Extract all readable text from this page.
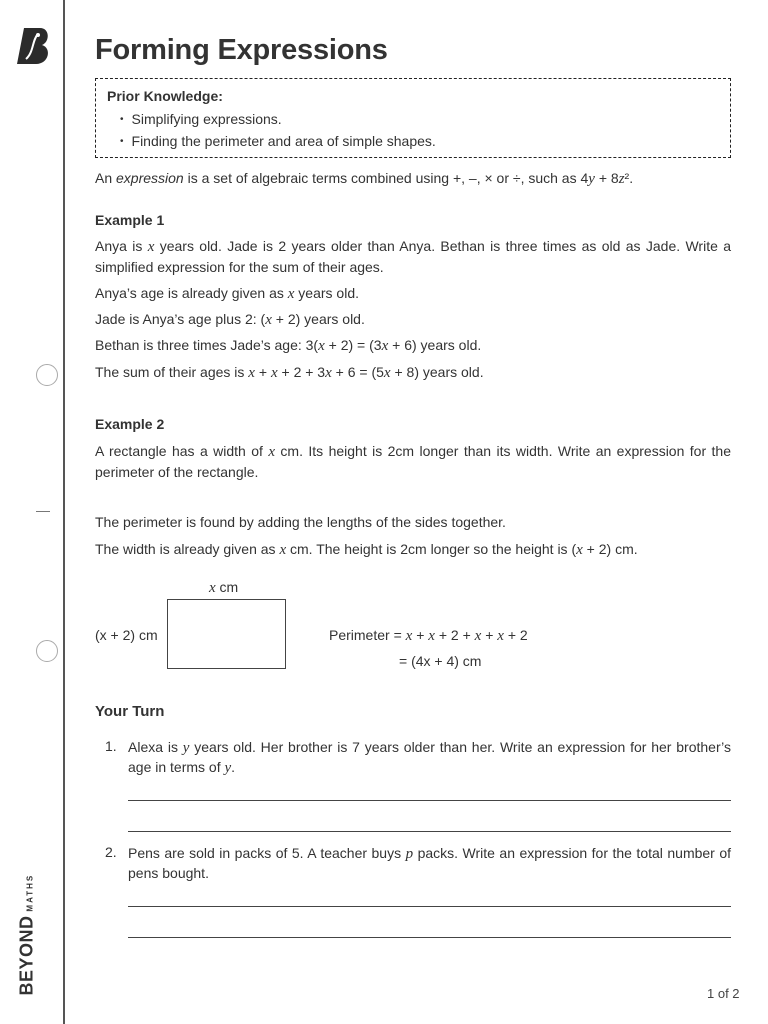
BEYOND MATHS
Forming Expressions
Prior Knowledge:
• Simplifying expressions.
• Finding the perimeter and area of simple shapes.
An expression is a set of algebraic terms combined using +, –, × or ÷, such as 4y + 8z².
Example 1
Anya is x years old. Jade is 2 years older than Anya. Bethan is three times as old as Jade. Write a simplified expression for the sum of their ages.
Anya’s age is already given as x years old.
Jade is Anya’s age plus 2: (x + 2) years old.
Bethan is three times Jade’s age: 3(x + 2) = (3x + 6) years old.
The sum of their ages is x + x + 2 + 3x + 6 = (5x + 8) years old.
Example 2
A rectangle has a width of x cm. Its height is 2cm longer than its width. Write an expression for the perimeter of the rectangle.
The perimeter is found by adding the lengths of the sides together.
The width is already given as x cm. The height is 2cm longer so the height is (x + 2) cm.
x cm
(x + 2) cm	Perimeter = x + x + 2 + x + x + 2
= (4x + 4) cm
Your Turn
1. Alexa is y years old. Her brother is 7 years older than her. Write an expression for her brother’s age in terms of y.
2. Pens are sold in packs of 5. A teacher buys p packs. Write an expression for the total number of pens bought.
1 of 2
